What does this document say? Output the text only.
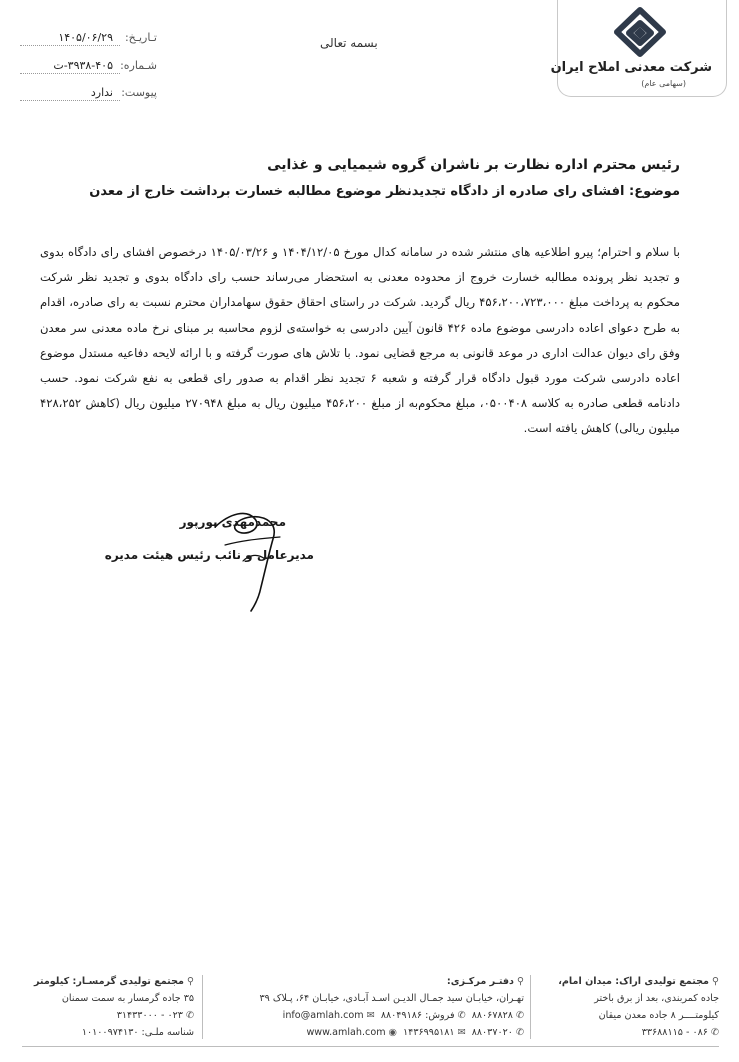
شرکت معدنی املاح ایران
(سهامی عام)
بسمه تعالی
تـاریـخ:
۱۴۰۵/۰۶/۲۹
شـماره:
۳۹۳۸-۴۰۵-ت
پیوست:
ندارد
رئیس محترم اداره نظارت بر ناشران گروه شیمیایی و غذایی
موضوع: افشای رای صادره از دادگاه تجدیدنظر موضوع مطالبه خسارت برداشت خارج از معدن
با سلام و احترام؛ پیرو اطلاعیه های منتشر شده در سامانه کدال مورخ ۱۴۰۴/۱۲/۰۵ و ۱۴۰۵/۰۳/۲۶ درخصوص افشای رای دادگاه بدوی و تجدید نظر پرونده مطالبه خسارت خروج از محدوده معدنی به استحضار می‌رساند حسب رای دادگاه بدوی و تجدید نظر شرکت محکوم به پرداخت مبلغ ۴۵۶،۲۰۰،۷۲۳،۰۰۰ ریال گردید. شرکت در راستای احقاق حقوق سهامداران محترم نسبت به رای صادره، اقدام به طرح دعوای اعاده دادرسی موضوع ماده ۴۲۶ قانون آیین دادرسی به خواسته‌ی لزوم محاسبه بر مبنای نرخ ماده معدنی سر معدن وفق رای دیوان عدالت اداری در موعد قانونی به مرجع قضایی نمود. با تلاش های صورت گرفته و با ارائه لایحه دفاعیه مستدل موضوع اعاده دادرسی شرکت مورد قبول دادگاه قرار گرفته و شعبه ۶ تجدید نظر اقدام به صدور رای قطعی به نفع شرکت نمود. حسب دادنامه قطعی صادره به کلاسه ۰۵۰۰۴۰۸، مبلغ محکوم‌به از مبلغ ۴۵۶،۲۰۰ میلیون ریال به مبلغ ۲۷۰۹۴۸ میلیون ریال (کاهش ۴۲۸،۲۵۲ میلیون ریالی) کاهش یافته است.
محمدمهدی بورپور
مدیرعامل و نائب رئیس هیئت مدیره
⚲مجتمع تولیدی اراک: میدان امام،
جاده کمربندی، بعد از برق باختر
کیلومتــــر ۸ جاده معدن میقان
✆۰۸۶ - ۳۳۶۸۸۱۱۵
⚲دفتـر مرکـزی:
تهـران، خیابـان سید جمـال الدیـن اسـد آبـادی، خیابـان ۶۴، پـلاک ۳۹
✆۸۸۰۶۷۸۲۸  ✆فروش: ۸۸۰۴۹۱۸۶  ✉info@amlah.com
✆۸۸۰۳۷۰۲۰  ✉۱۴۳۶۹۹۵۱۸۱  ◉www.amlah.com
⚲مجتمع تولیدی گرمسـار: کیلومتر
۳۵ جاده گرمسار به سمت سمنان
✆۰۲۳ - ۳۱۴۳۳۰۰۰
شناسه ملـی: ۱۰۱۰۰۹۷۴۱۳۰
